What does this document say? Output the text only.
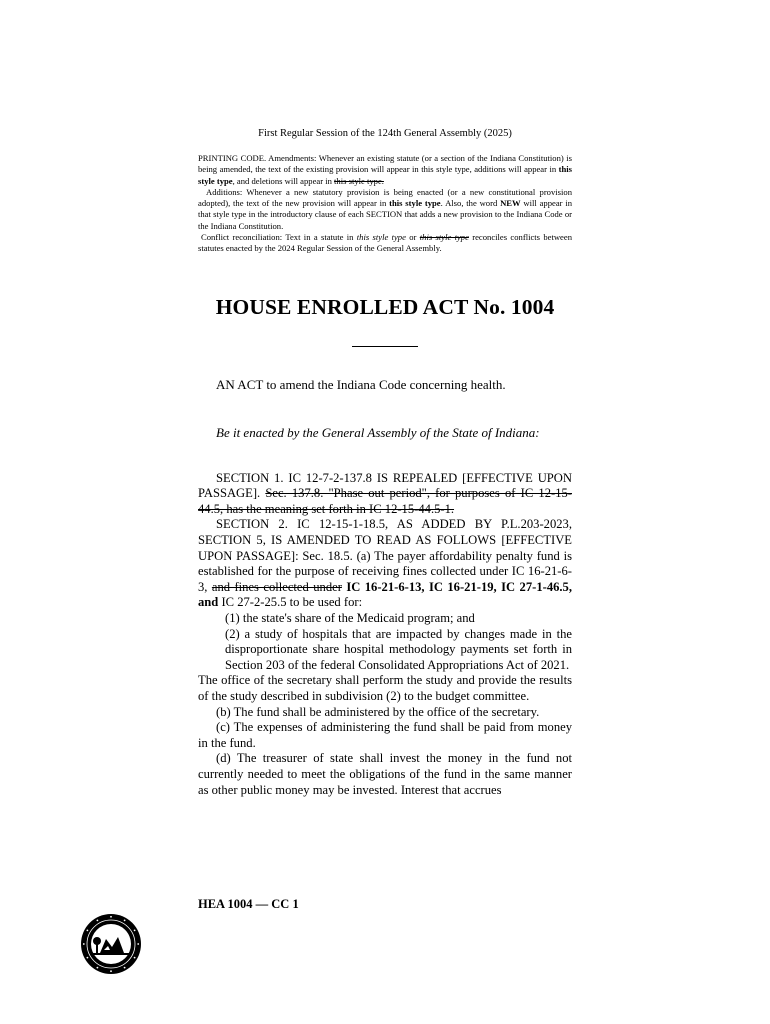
First Regular Session of the 124th General Assembly (2025)

PRINTING CODE. Amendments: Whenever an existing statute (or a section of the Indiana Constitution) is being amended, the text of the existing provision will appear in this style type, additions will appear in this style type, and deletions will appear in this style type.

Additions: Whenever a new statutory provision is being enacted (or a new constitutional provision adopted), the text of the new provision will appear in this style type. Also, the word NEW will appear in that style type in the introductory clause of each SECTION that adds a new provision to the Indiana Code or the Indiana Constitution.

Conflict reconciliation: Text in a statute in this style type or this style type reconciles conflicts between statutes enacted by the 2024 Regular Session of the General Assembly.

HOUSE ENROLLED ACT No. 1004
AN ACT to amend the Indiana Code concerning health.
Be it enacted by the General Assembly of the State of Indiana:

SECTION 1. IC 12-7-2-137.8 IS REPEALED [EFFECTIVE UPON PASSAGE]. Sec. 137.8. "Phase out period", for purposes of IC 12-15-44.5, has the meaning set forth in IC 12-15-44.5-1.

SECTION 2. IC 12-15-1-18.5, AS ADDED BY P.L.203-2023, SECTION 5, IS AMENDED TO READ AS FOLLOWS [EFFECTIVE UPON PASSAGE]: Sec. 18.5. (a) The payer affordability penalty fund is established for the purpose of receiving fines collected under IC 16-21-6-3, and fines collected under IC 16-21-6-13, IC 16-21-19, IC 27-1-46.5, and IC 27-2-25.5 to be used for:

(1) the state's share of the Medicaid program; and

(2) a study of hospitals that are impacted by changes made in the disproportionate share hospital methodology payments set forth in Section 203 of the federal Consolidated Appropriations Act of 2021.

The office of the secretary shall perform the study and provide the results of the study described in subdivision (2) to the budget committee.

(b) The fund shall be administered by the office of the secretary.

(c) The expenses of administering the fund shall be paid from money in the fund.

(d) The treasurer of state shall invest the money in the fund not currently needed to meet the obligations of the fund in the same manner as other public money may be invested. Interest that accrues

HEA 1004 — CC 1
